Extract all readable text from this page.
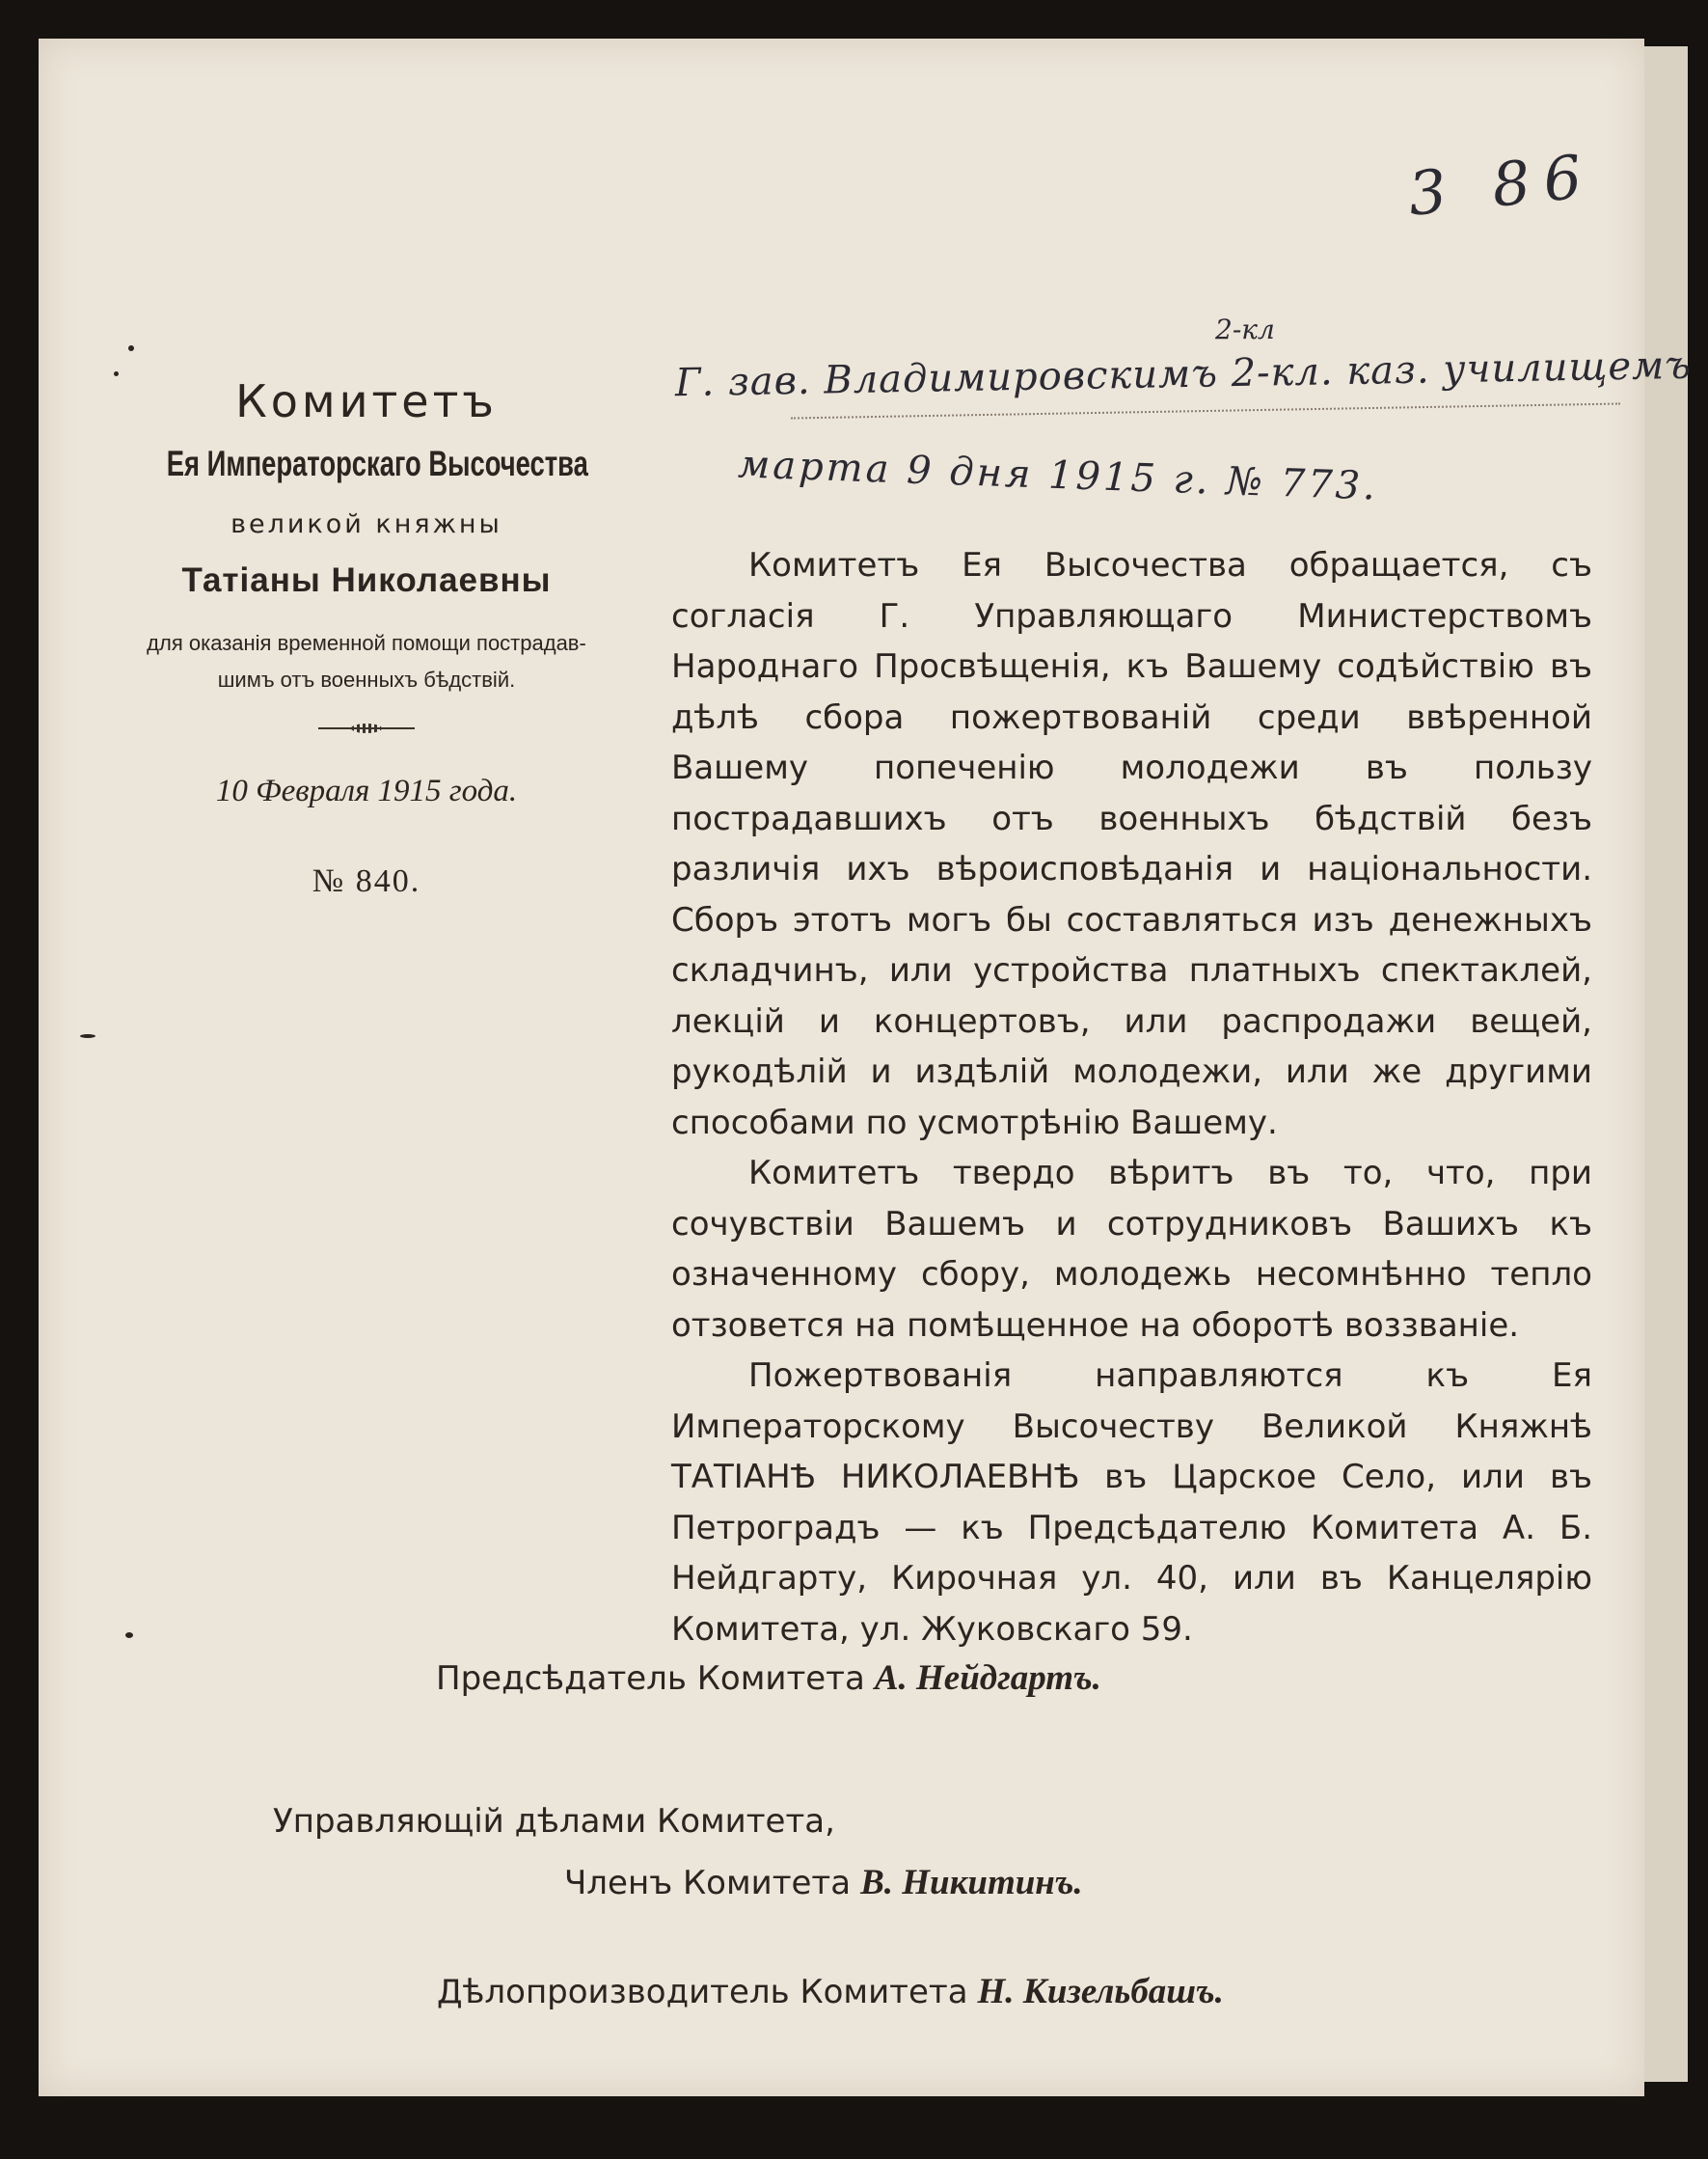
3 86
2-кл
Г. зав. Владимировскимъ 2-кл. каз. училищемъ
марта 9 дня 1915 г. № 773.
Комитетъ
Ея Императорскаго Высочества
великой княжны
Татіаны Николаевны
для оказанія временной помощи пострадав-
шимъ отъ военныхъ бѣдствій.
10 Февраля 1915 года.
№ 840.

Комитетъ Ея Высочества обращается, съ согласія Г. Управляющаго Министерствомъ Народнаго Просвѣщенія, къ Вашему содѣйствію въ дѣлѣ сбора пожертвованій среди ввѣренной Вашему попеченію молодежи въ пользу пострадавшихъ отъ военныхъ бѣдствій безъ различія ихъ вѣроисповѣданія и національности. Сборъ этотъ могъ бы составляться изъ денежныхъ складчинъ, или устройства платныхъ спектаклей, лекцій и концертовъ, или распродажи вещей, рукодѣлій и издѣлій молодежи, или же другими способами по усмотрѣнію Вашему.

Комитетъ твердо вѣритъ въ то, что, при сочувствіи Вашемъ и сотрудниковъ Вашихъ къ означенному сбору, молодежь несомнѣнно тепло отзовется на помѣщенное на оборотѣ воззваніе.

Пожертвованія направляются къ Ея Императорскому Высочеству Великой Княжнѣ ТАТІАНѢ НИКОЛАЕВНѢ въ Царское Село, или въ Петроградъ — къ Предсѣдателю Комитета А. Б. Нейдгарту, Кирочная ул. 40, или въ Канцелярію Комитета, ул. Жуковскаго 59.

Предсѣдатель Комитета А. Нейдгартъ.
Управляющій дѣлами Комитета,
Членъ Комитета В. Никитинъ.
Дѣлопроизводитель Комитета Н. Кизельбашъ.
